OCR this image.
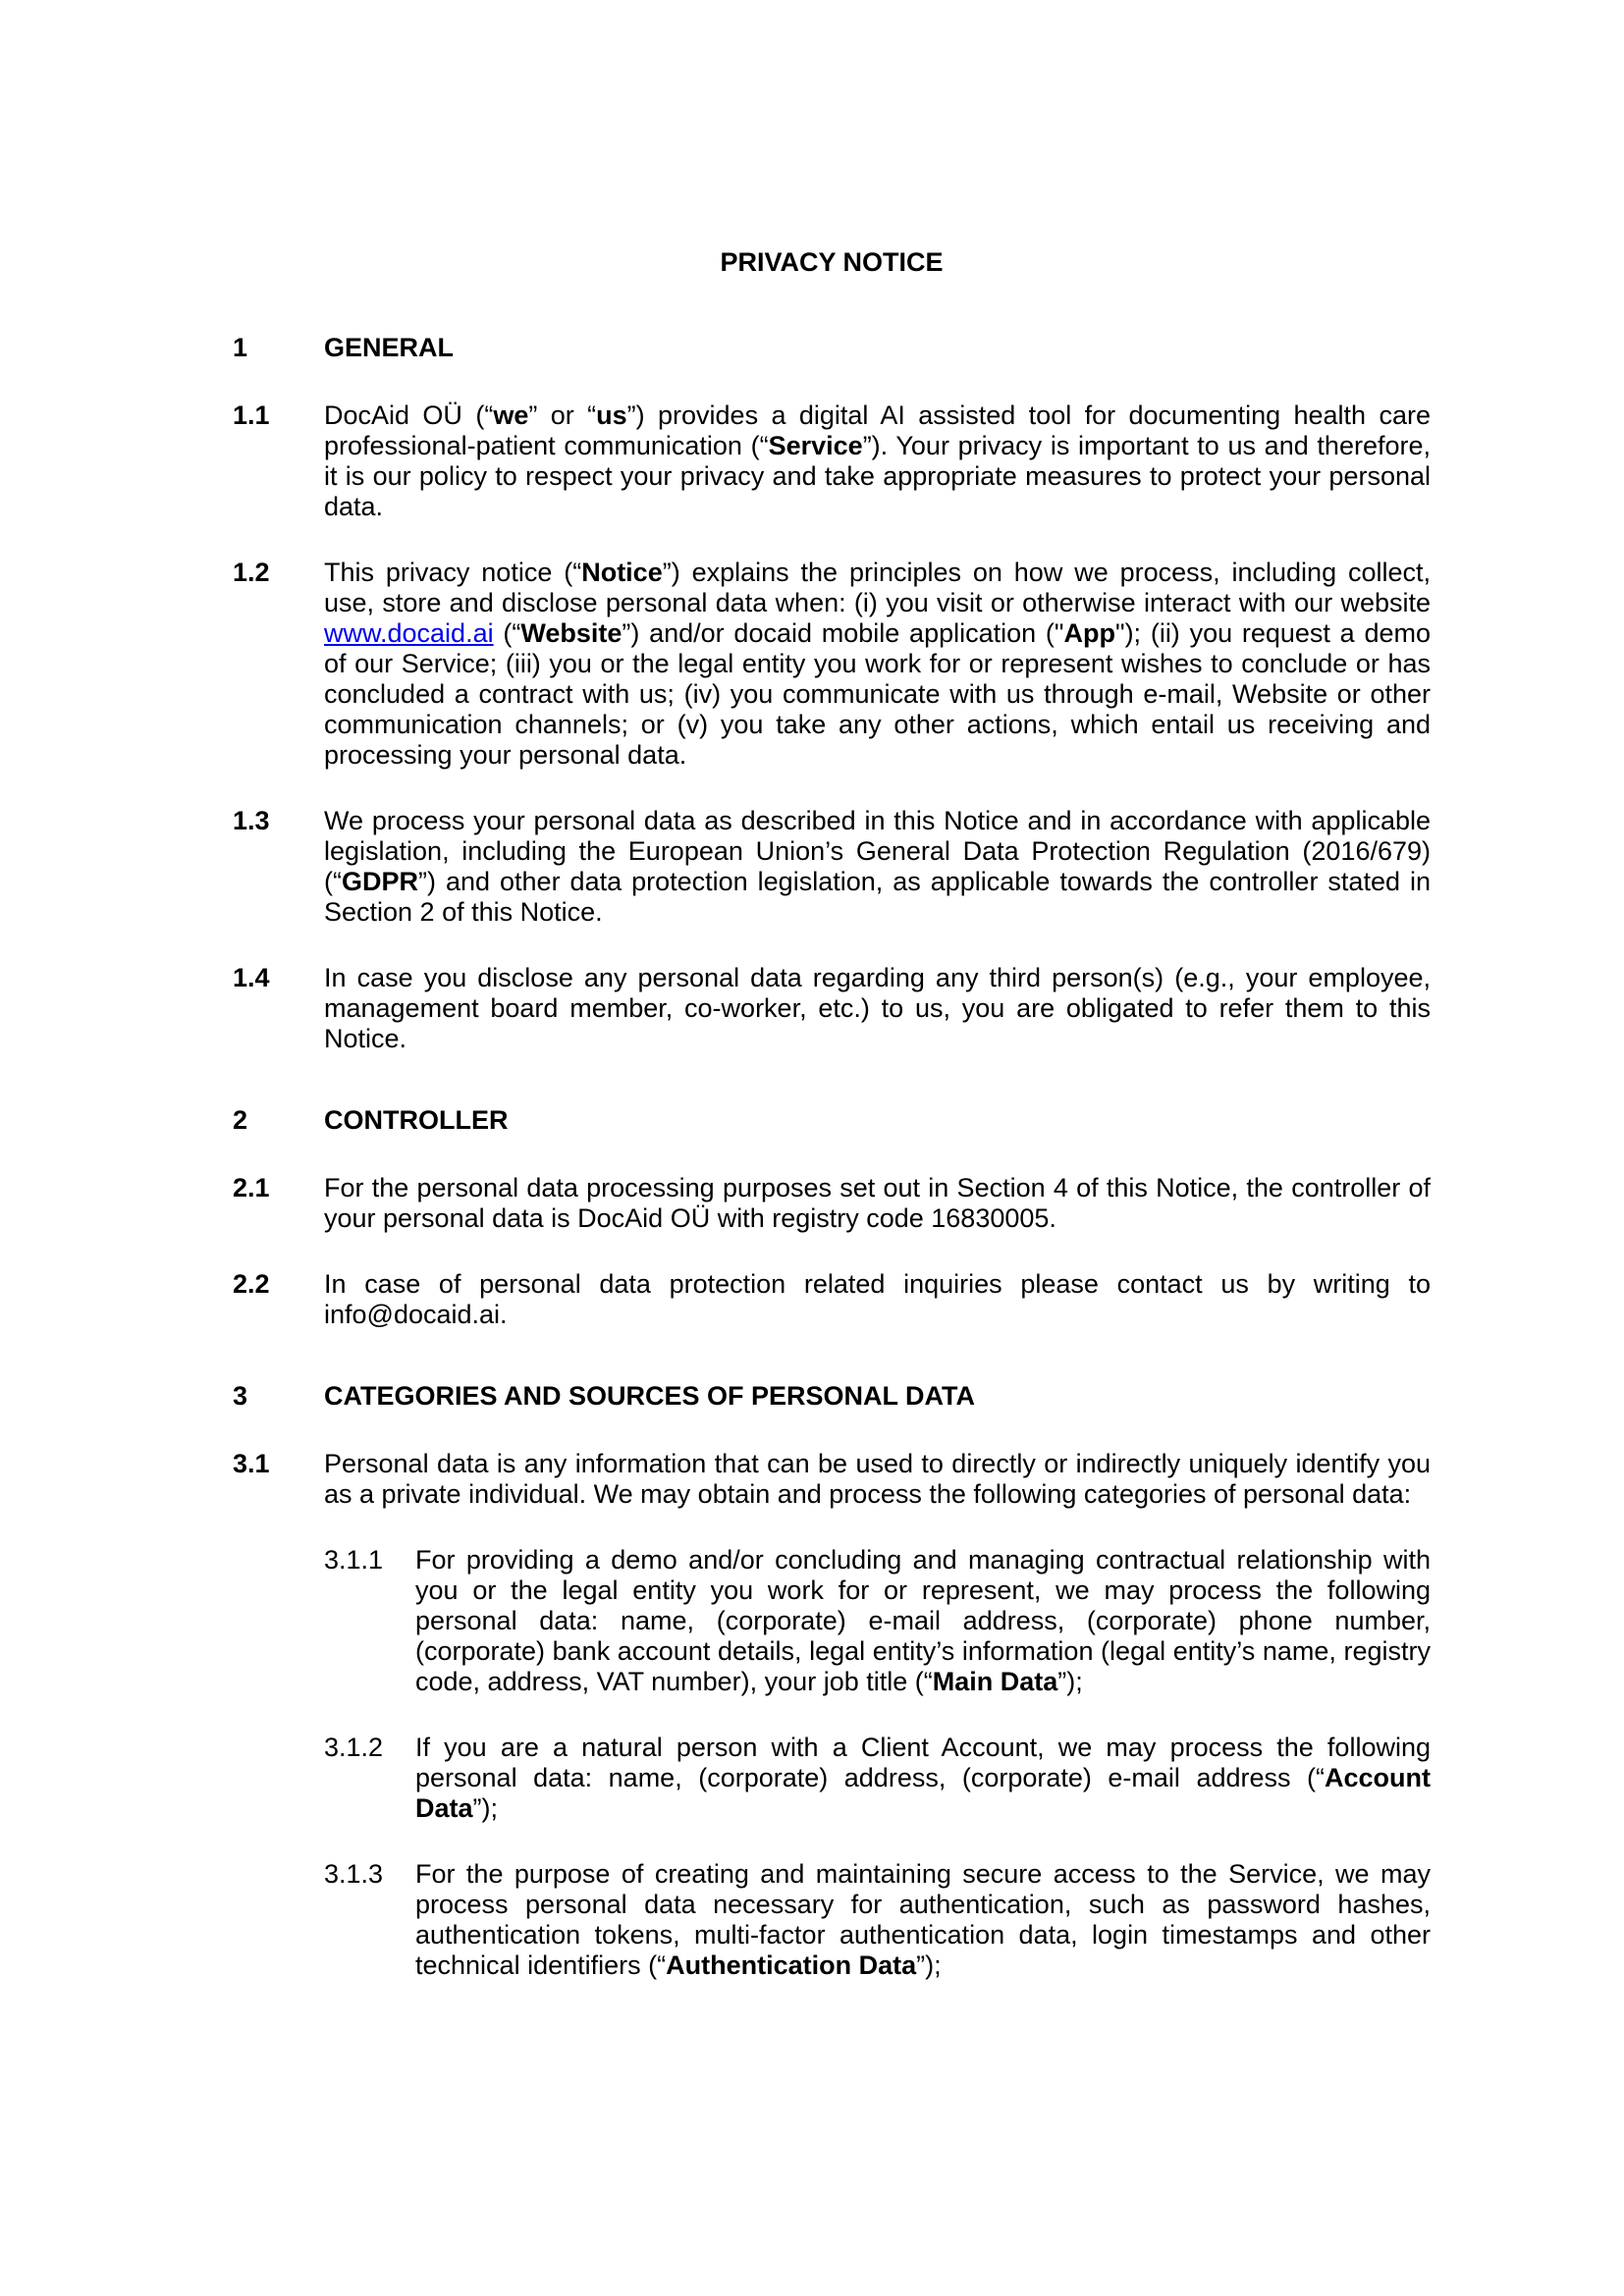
PRIVACY NOTICE
1	GENERAL
1.1	DocAid OÜ (“we” or “us”) provides a digital AI assisted tool for documenting health care professional-patient communication (“Service”). Your privacy is important to us and therefore, it is our policy to respect your privacy and take appropriate measures to protect your personal data.

1.2	This privacy notice (“Notice”) explains the principles on how we process, including collect, use, store and disclose personal data when: (i) you visit or otherwise interact with our website www.docaid.ai (“Website”) and/or docaid mobile application ("App"); (ii) you request a demo of our Service; (iii) you or the legal entity you work for or represent wishes to conclude or has concluded a contract with us; (iv) you communicate with us through e-mail, Website or other communication channels; or (v) you take any other actions, which entail us receiving and processing your personal data.

1.3	We process your personal data as described in this Notice and in accordance with applicable legislation, including the European Union’s General Data Protection Regulation (2016/679) (“GDPR”) and other data protection legislation, as applicable towards the controller stated in Section 2 of this Notice.

1.4	In case you disclose any personal data regarding any third person(s) (e.g., your employee, management board member, co-worker, etc.) to us, you are obligated to refer them to this Notice.

2	CONTROLLER
2.1	For the personal data processing purposes set out in Section 4 of this Notice, the controller of your personal data is DocAid OÜ with registry code 16830005.

2.2	In case of personal data protection related inquiries please contact us by writing to info@docaid.ai.

3	CATEGORIES AND SOURCES OF PERSONAL DATA
3.1	Personal data is any information that can be used to directly or indirectly uniquely identify you as a private individual. We may obtain and process the following categories of personal data:

3.1.1	For providing a demo and/or concluding and managing contractual relationship with you or the legal entity you work for or represent, we may process the following personal data: name, (corporate) e-mail address, (corporate) phone number, (corporate) bank account details, legal entity’s information (legal entity’s name, registry code, address, VAT number), your job title (“Main Data”);

3.1.2	If you are a natural person with a Client Account, we may process the following personal data: name, (corporate) address, (corporate) e-mail address (“Account Data”);

3.1.3	For the purpose of creating and maintaining secure access to the Service, we may process personal data necessary for authentication, such as password hashes, authentication tokens, multi-factor authentication data, login timestamps and other technical identifiers (“Authentication Data”);
